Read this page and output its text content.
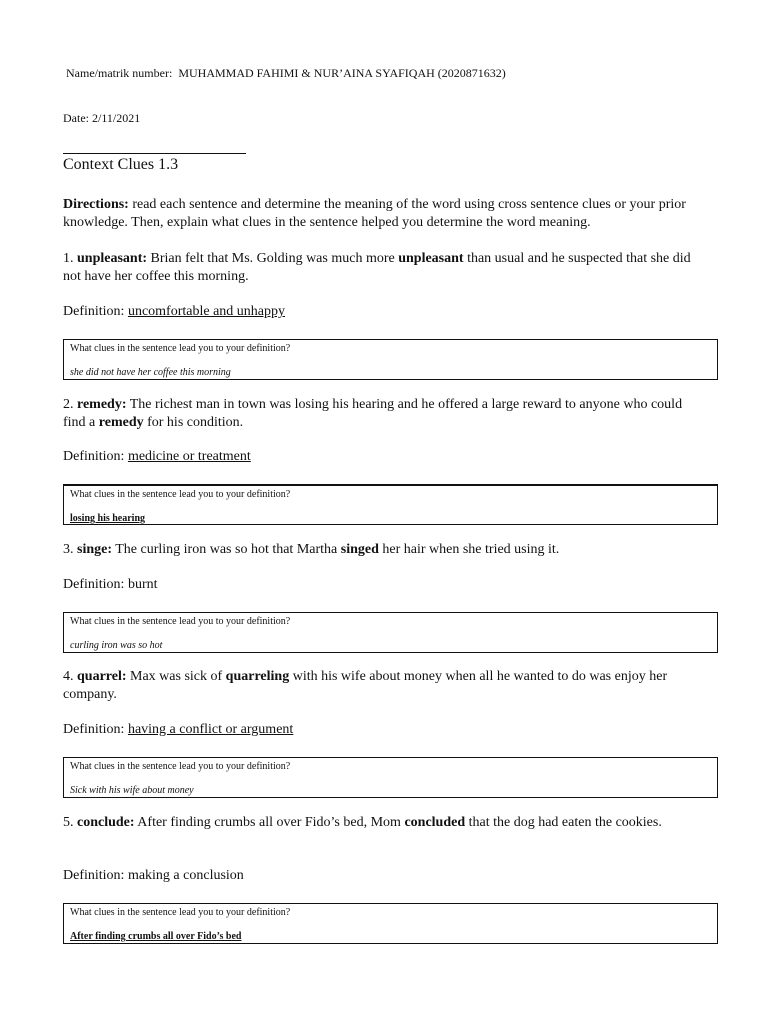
Name/matrik number: MUHAMMAD FAHIMI & NUR’AINA SYAFIQAH (2020871632)
Date: 2/11/2021
Context Clues 1.3
Directions: read each sentence and determine the meaning of the word using cross sentence clues or your prior knowledge. Then, explain what clues in the sentence helped you determine the word meaning.
1. unpleasant: Brian felt that Ms. Golding was much more unpleasant than usual and he suspected that she did not have her coffee this morning.
Definition: uncomfortable and unhappy
What clues in the sentence lead you to your definition?
she did not have her coffee this morning
2. remedy: The richest man in town was losing his hearing and he offered a large reward to anyone who could find a remedy for his condition.
Definition: medicine or treatment
What clues in the sentence lead you to your definition?
losing his hearing
3. singe: The curling iron was so hot that Martha singed her hair when she tried using it.
Definition: burnt
What clues in the sentence lead you to your definition?
curling iron was so hot
4. quarrel: Max was sick of quarreling with his wife about money when all he wanted to do was enjoy her company.
Definition: having a conflict or argument
What clues in the sentence lead you to your definition?
Sick with his wife about money
5. conclude: After finding crumbs all over Fido’s bed, Mom concluded that the dog had eaten the cookies.
Definition: making a conclusion
What clues in the sentence lead you to your definition?
After finding crumbs all over Fido’s bed
